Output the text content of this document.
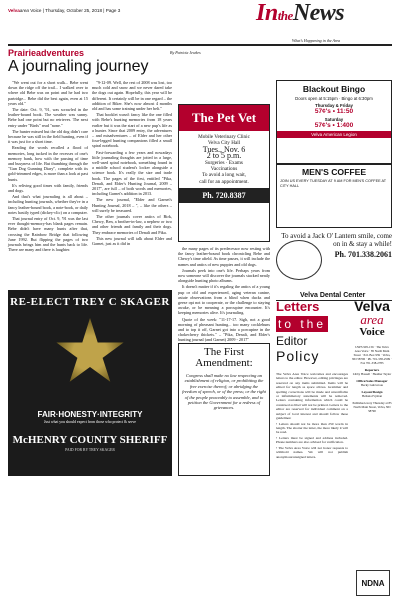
Velvaarea Voice | Thursday, October 25, 2018 | Page 3	IntheNews
What's Happening in the Area
Prairieadventures	By Patricia Jewkes
A journaling journey

"We went out for a short walk... Bebe went down the ridge off the trail... I walked over to where old Bebe was on point and he had two partridge... Bebe did the best again, even at 15 years old."

The date: Oct. 9, '91, was scrawled in the leather-bound book. The weather was sunny. Bebe had one point but no retrieves. The next entry under "Birds" read "none."

The hunter missed but the old dog didn't care because he was still in the field hunting, even if it was just for a short time.

Reading the words recalled a flood of memories, long tucked in the recesses of one's memory bank, how with the passing of time and busyness of life. But thumbing through the "Gun Dog Gunning Diary", complete with its gold-trimmed edges, is more than a look at past hunts.

It's reliving good times with family, friends and dogs.

And that's what journaling is all about – including hunting journals, whether they're in a fancy leather-bound book, a note-book, or daily notes hastily typed (dickey-clic) on a computer.

That journal entry of Oct. 9, '91 was the last ever thought-memory-has blank pages remain. Bebe didn't have many hunts after that, crossing the Rainbow Bridge that following June 1992. But flipping the pages of two journals brings him and the hunts back to life. There are many and there is laughter.

"9-12-09. Well, the rest of 2008 was lost, too much cold and snow and we never dared take the dogs out again. Hopefully, this year will be different. It certainly will be in one regard – the addition of Biker. She's now almost 4 months old and has some training under her belt."

That booklet wasn't fancy like the one filled with Bebe's hunting memories from 18 years earlier but it was the start of a new pup's life as a hunter. Since that 2009 entry, the adventures – and misadventures – of Elder and her other four-legged hunting companions filled a small spiral notebook.

Fast-forwarding a few years and nowadays little journaling thoughts are jotted in a large, well-used spiral notebook, something found in a middle school student's locker alongside a science book. It's really the size and trade book. The pages of the first, entitled "Pika, Denali, and Elder's Hunting Journal, 2009 – 2017", are full – of both words and memories, including Garnet's addition in 2013.

The new journal, "Elder and Garnet's Hunting Journal, 2018 – ", – like the others – will surely be treasured.

The other journals cover antics of Birk, Chewy, Ben, a brother-in-law, a nephew or two and other friends and family and their dogs. They embrace memories of Denali and Pika.

This new journal will talk about Elder and Garnet, just as it did in

the many pages of its predecessor now resting with the fancy leather-bound book chronicling Bebe and Chewy's time afield. As time passes, it will include the names and antics of new puppies and old dogs.

Journals peek into one's life. Perhaps years from now someone will discover the journals stacked neatly alongside hunting photo albums.

It doesn't matter if it's regaling the antics of a young pup or old and experienced, aging veteran canine, astute observations from a blind when ducks and geese opt not to cooperate, or the challenge to staying awake, or be meaning a porcupine encounter. It's keeping memories alive. It's journaling.

Quote of the week: "11-17-17. Sigh, not a good morning of pheasant hunting... too many cocklebuns and to top it off, Garnet got into a porcupine in the chokecherry thickets." – "Pika, Denali, and Elder's hunting journal (and Garnet) 2009 - 2017"

The Pet Vet
Mobile Veterinary Clinic
Velva City Hall
Tues., Nov. 6
2 to 5 p.m.
Surgeries · Exams
Vaccinations
To avoid a long wait,
call for an appointment.
Ph. 720.8387
RE-ELECT TREY C SKAGER
FAIR·HONESTY·INTEGRITY
Just what you should expect from those who protect & serve
McHENRY COUNTY SHERIFF
PAID FOR BY TREY SKAGER
The First Amendment:
Congress shall make no law respecting an establishment of religion, or prohibiting the free exercise thereof; or abridging the freedom of speech, or of the press; or the right of the people peaceably to assemble, and to petition the Government for a redress of grievances.
Blackout Bingo
Doors open at 5:15pm · Bingo at 6:30pm
Thursday & Friday
57¢'s • 11:50
Saturday
57¢'s • 1:400
Velva American Legion
MEN'S COFFEE
JOIN US EVERY TUESDAY AT 9 AM FOR MEN'S COFFEE AT CITY HALL
To avoid a Jack O' Lantern smile, come on in & stay a while!
Ph. 701.338.2061
Velva Dental Center
Letters
to the
Editor
Policy

The Velva Area Voice welcomes and encourages letters to the editor. However, editing privileges are reserved on any items submitted. Items will be edited for length as space allows. Grammar and spelling corrections will be made and unverifiable or inflammatory statements will be removed. Letters containing information which could be construed as libel will not be printed. Letters to the editor are reserved for individual comment on a subject of local interest and should follow these guidelines:

• Letters should not be more than 250 words in length. The shorter the letter, the more likely it will be read.

• Letters must be signed and address included. Phone numbers are also advised for verification.

• The Velva Area Voice will not honor requests to withhold names. We will not publish anonymous/unsigned letters.

Velva
area
Voice
USPS 905-156 · The Velva Area Voice · 85 North Main Street · P.O. Box 939 · Velva, ND 58790 · Ph. 701-338-2599 · Fax 701-338-2783
Reporters
Libby Hassell · Heather Taylor
Office/Sales Manager
Becky Gulsvavou
Layout/Design
Heliana Fryman
Published every Thursday at 85 North Main Street, Velva, ND 58790
NDNA
